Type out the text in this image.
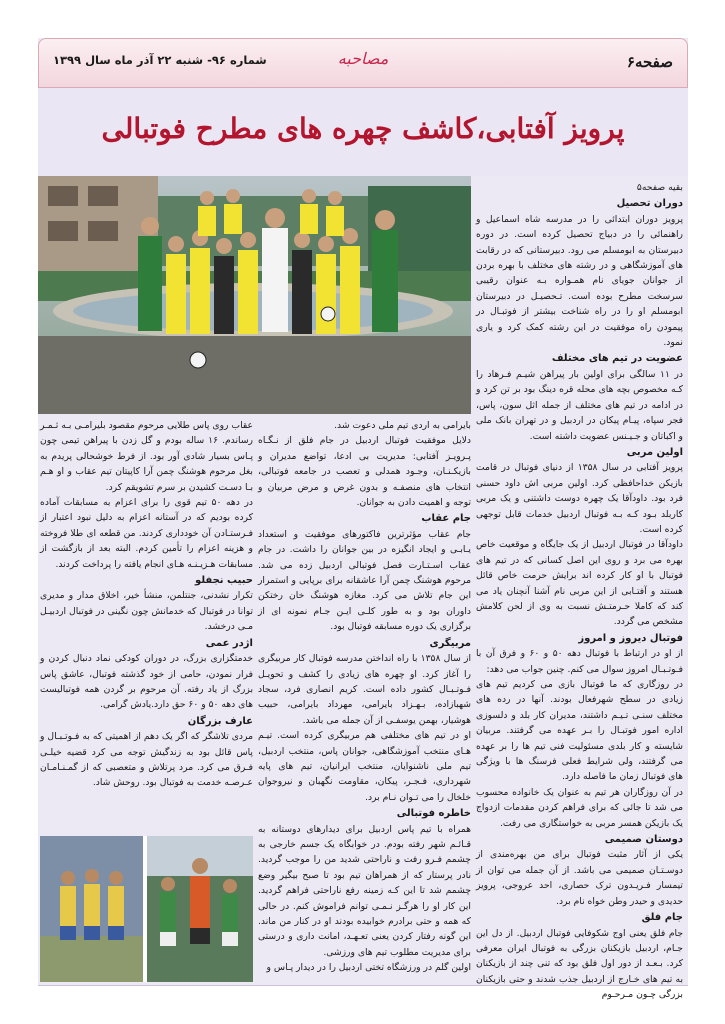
صفحه۶
مصاحبه
شماره ۹۶- شنبه ۲۲ آذر ماه سال ۱۳۹۹
پرویز آفتابی،کاشف چهره های مطرح فوتبالی

بقیه صفحه۵

دوران تحصیل

پرویز دوران ابتدائی را در مدرسه شاه اسماعیل و راهنمائی را در دبیاج تحصیل کرده است. در دوره دبیرستان به ابومسلم می رود. دبیرستانی که در رقابت های آموزشگاهی و در رشته های مختلف با بهره بردن از جوانان جویای نام همـواره بـه عنوان رقیبی سرسخت مطرح بوده است. تـحصیـل در دبیرستان ابومسلم او را در راه شناخت بیشتر از فوتبـال در پیمودن راه موفقیت در این رشته کمک کرد و یاری نمود.

عضویت در تیم های مختلف

در ۱۱ سالگی برای اولین بار پیراهن شیـم فـرهاد را کـه مخصوص بچه های محله قره دینگ بود بر تن کرد و در ادامه در تیم های مختلف از جمله اثل سون، پاس، فجر سپاه، پیـام پیکان در اردبیل و در تهران بانک ملی و اکباتان و جـیـنس عضویت داشته است.

اولین مربی

پرویز آفتابی در سال ۱۳۵۸ از دنیای فوتبال در قامت بازیکن خداحافظی کرد. اولین مربی اش داود حسنی فرد بود. داودآقا یک چهره دوست داشتنی و یک مربی کاربلد بـود کـه بـه فوتبال اردبیل خدمات قابل توجهی کرده است.

داودآقا در فوتبال اردبیل از یک جایگاه و موقعیت خاص بهره می برد و روی این اصل کسانی که در تیم های فوتبال با او کار کرده اند برایش حرمت خاص قائل هستند و آفتـابی از این مربی نام آشنا آنچنان یاد می کند که کاملا حـرمتـش نسبت به وی از لحن کلامش مشخص می گردد.

فوتبال دیروز و امروز

از او در ارتباط با فوتبال دهه ۵۰ و ۶۰ و فرق آن با فـوتـبـال امروز سوال می کنم. چنین جواب می دهد:

در روزگاری که ما فوتبال بازی می کردیم تیم های زیادی در سطح شهرفعال بودند. آنها در رده های مختلف سنـی تـیـم داشتند، مدیران کار بلد و دلسوزی اداره امور فوتبـال را بـر عهده می گرفتند. مربیان شایسته و کار بلدی مسئولیت فنی تیم ها را بر عهده می گرفتند، ولی شرایط فعلی فرسنگ ها با ویژگی های فوتبال زمان ما فاصله دارد.

در آن روزگاران هر تیم به عنوان یک خانواده محسوب می شد تا جائی که برای فراهم کردن مقدمات ازدواج یک بازیکن همسر مربی به خواستگاری می رفت.

دوستان صمیمی

یکی از آثار مثبت فوتبال برای من بهره‌مندی از دوسـتـان صمیمی می باشد. از آن جمله می توان از تیمسار فـریـدون ترک حصاری، احد عروجی، پرویز حدیدی و حیدر وطن خواه نام برد.

جام فلق

جام فلق یعنی اوج شکوفایی فوتبال اردبیل. از دل این جـام، اردبیل بازیکنان بزرگی به فوتبال ایران معرفی کرد. بـعـد از دور اول فلق بود که تنی چند از بازیکنان به تیم های خـارج از اردبیل جذب شدند و حتی بازیکنان بزرگی چـون مـرحـوم

بایرامی به اردی تیم ملی دعوت شد.

دلایل موفقیت فوتبال اردبیل در جام فلق از نـگـاه پـرویـز آفتابی: مدیریت بی ادعا، تواضع مدیران و بازیکـنـان، وجـود همدلی و تعصب در جامعه فوتبالی، انتخاب های منصفـه و بدون غرض و مرض مربیان و توجه و اهمیت دادن به جوانان.

جام عقاب

جام عقاب مؤثرترین فاکتورهای موفقیت و استعداد یـابـی و ایجاد انگیزه در بین جوانان را داشت. در جام عقاب اسـتـارت فصل فوتبالی اردبیل زده می شد. مرحوم هوشنگ چمن آرا عاشقانه برای برپایی و استمرار این جام تلاش می کرد. مغازه هوشنگ خان رختکن داوران بود و به طور کلـی ایـن جـام نمونه ای از برگزاری یک دوره مسابقه فوتبال بود.

مربیگری

از سال ۱۳۵۸ با راه انداختن مدرسه فوتبال کار مربیگری را آغاز کرد. او چهره های زیادی را کشف و تحویـل فـوتـبـال کشور داده است. کریم انصاری فرد، سجاد شهبازاده، بـهـزاد بایرامی، مهرداد بایرامی، حبیب هوشیار، بهمن یوسفـی از آن جمله می باشد.

او در تیم های مختلفی هم مربیگری کرده است. تیـم هـای منتخب آموزشگاهی، جوانان پاس، منتخب اردبیل، تیم ملی ناشنوایان، منتخب ایرانیان، تیم های پایه شهرداری، فـجـر، پیکان، مقاومت نگهبان و نیروجوان خلخال را می تـوان نـام برد.

خاطره فوتبالی

همراه با تیم پاس اردبیل برای دیدارهای دوستانه به قـائـم شهر رفته بودم. در خوابگاه یک جسم خارجی به چشمم فـرو رفت و ناراحتی شدید من را موجب گردید. نادر پرستار که از همراهان تیم بود تا صبح بیگیر وضع چشمم شد تا این کـه زمینه رفع ناراحتی فراهم گردید. این کار او را هرگـز نـمـی توانم فراموش کنم. در حالی که همه و حتی برادرم خوابیده بودند او در کنار من ماند. این گونه رفتار کردن یعنی تعـهـد، امانت داری و درستی برای مدیریت مطلوب تیم های ورزشی.

اولین گلم در ورزشگاه تختی اردبیل را در دیدار پـاس و

عقاب روی پاس طلایی مرحوم مقصود بلیرامـی بـه ثـمـر رساندم. ۱۶ ساله بودم و گل زدن با پیراهن تیمی چون پـاس بسیار شادی آور بود. از فرط خوشحالی پریدم به بغل مرحوم هوشنگ چمن آرا کاپیتان تیم عقاب و او هـم بـا دسـت کشیدن بر سرم تشویقم کرد.

در دهه ۵۰ تیم قوی را برای اعزام به مسابقات آماده کرده بودیم که در آستانه اعزام به دلیل نبود اعتبار از فـرستـادن آن خودداری کردند. من قطعه ای طلا فروخته و هزینه اعزام را تأمین کردم. البته بعد از بازگشت از مسابقات هـزیـنـه هـای انجام یافته را پرداخت کردند.

حبیب نجفلو

تکرار نشدنی، جنتلمن، منشأ خیر، اخلاق مدار و مدیری توانا در فوتبال که خدمانش چون نگینی در فوتبال اردبیـل مـی درخشد.

اژدر عمی

خدمتگزاری بزرگ، در دوران کودکی نماد دنبال کردن و فرار نمودن، حامی از خود گذشته فوتبال، عاشق پاس بزرگ از یاد رفته. آن مرحوم بر گردن همه فوتبالیست های دهه ۵۰ و ۶۰ حق دارد.یادش گرامی.

عارف بزرگان

مردی تلاشگر که اگر یک دهم از اهمیتی که به فـوتـبـال و پاس قائل بود به زندگیش توجه می کرد قضیه خیلـی فـرق می کرد. مرد پرتلاش و متعصبی که از گمـنـامـان عـرصـه خدمت به فوتبال بود. روحش شاد.
